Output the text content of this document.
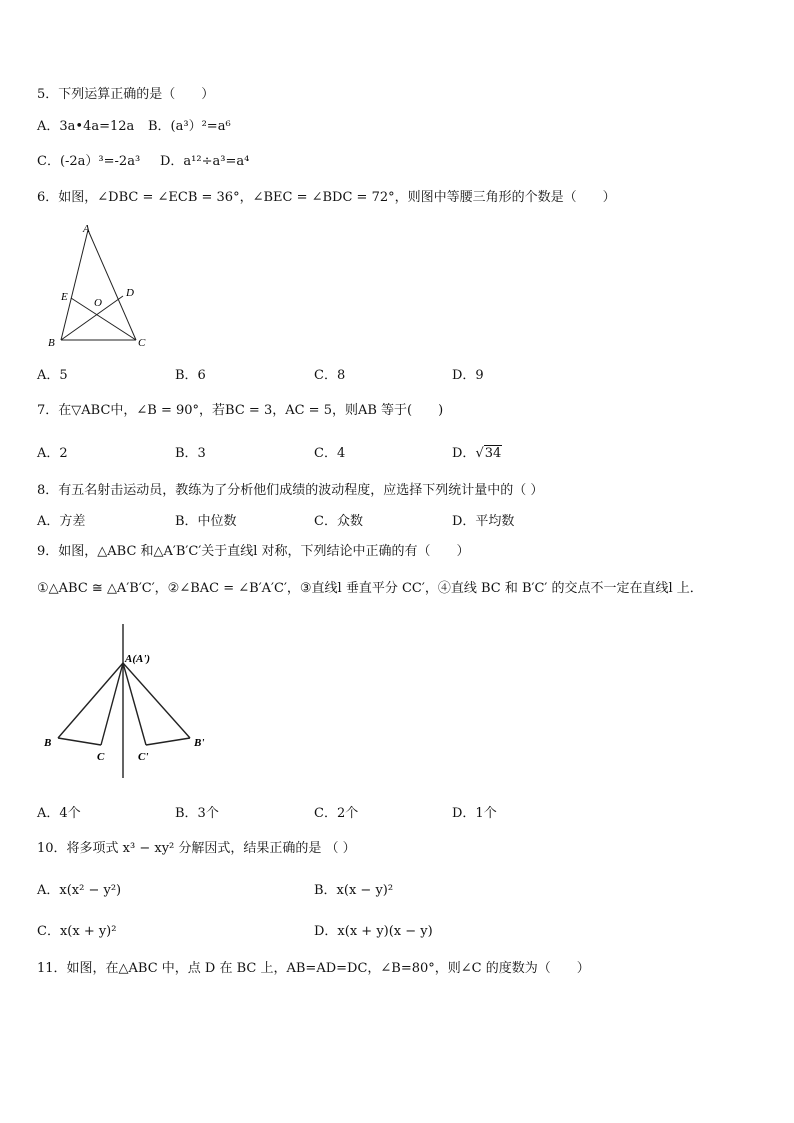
5．下列运算正确的是（　　）
A．3a•4a=12a B．(a³）²=a⁶
C．(-2a）³=-2a³ D．a¹²÷a³=a⁴
6．如图，∠DBC = ∠ECB = 36°，∠BEC = ∠BDC = 72°，则图中等腰三角形的个数是（　　）
A
E O
D
B	C
A．5	B．6	C．8	D．9
7．在▽ABC中，∠B = 90°，若BC = 3，AC = 5，则AB 等于(　　)
A．2	B．3	C．4	D．√34
8．有五名射击运动员，教练为了分析他们成绩的波动程度，应选择下列统计量中的（ ）
A．方差	B．中位数	C．众数	D．平均数
9．如图，△ABC 和△A′B′C′关于直线l 对称，下列结论中正确的有（　　）
①△ABC ≅ △A′B′C′，②∠BAC = ∠B′A′C′，③直线l 垂直平分 CC′，④直线 BC 和 B′C′ 的交点不一定在直线l 上．
A(A')
B
C	C'
B'
A．4个	B．3个	C．2个	D．1个
10．将多项式 x³ − xy² 分解因式，结果正确的是 （ ）
A．x(x² − y²)	B．x(x − y)²
C．x(x + y)²	D．x(x + y)(x − y)
11．如图，在△ABC 中，点 D 在 BC 上，AB=AD=DC，∠B=80°，则∠C 的度数为（　　）
